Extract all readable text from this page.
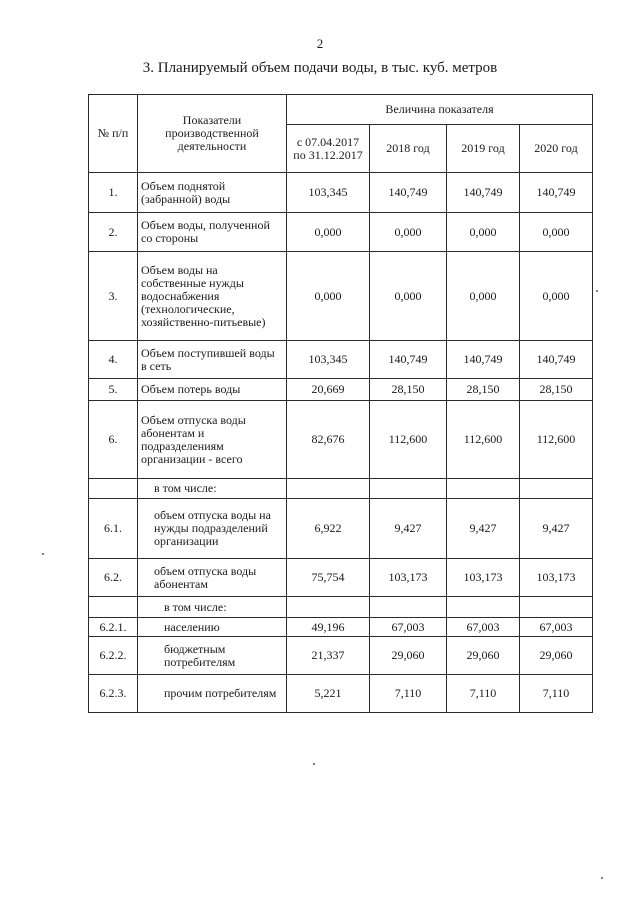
2
3. Планируемый объем подачи воды, в тыс. куб. метров
№ п/п	Показатели производственной деятельности	Величина показателя			
		с 07.04.2017 по 31.12.2017	2018 год	2019 год	2020 год
1.	Объем поднятой (забранной) воды	103,345	140,749	140,749	140,749
2.	Объем воды, полученной со стороны	0,000	0,000	0,000	0,000
3.	Объем воды на собственные нужды водоснабжения (технологические, хозяйственно-питьевые)	0,000	0,000	0,000	0,000
4.	Объем поступившей воды в сеть	103,345	140,749	140,749	140,749
5.	Объем потерь воды	20,669	28,150	28,150	28,150
6.	Объем отпуска воды абонентам и подразделениям организации - всего	82,676	112,600	112,600	112,600
	в том числе:				
6.1.	объем отпуска воды на нужды подразделений организации	6,922	9,427	9,427	9,427
6.2.	объем отпуска воды абонентам	75,754	103,173	103,173	103,173
	в том числе:				
6.2.1.	населению	49,196	67,003	67,003	67,003
6.2.2.	бюджетным потребителям	21,337	29,060	29,060	29,060
6.2.3.	прочим потребителям	5,221	7,110	7,110	7,110
